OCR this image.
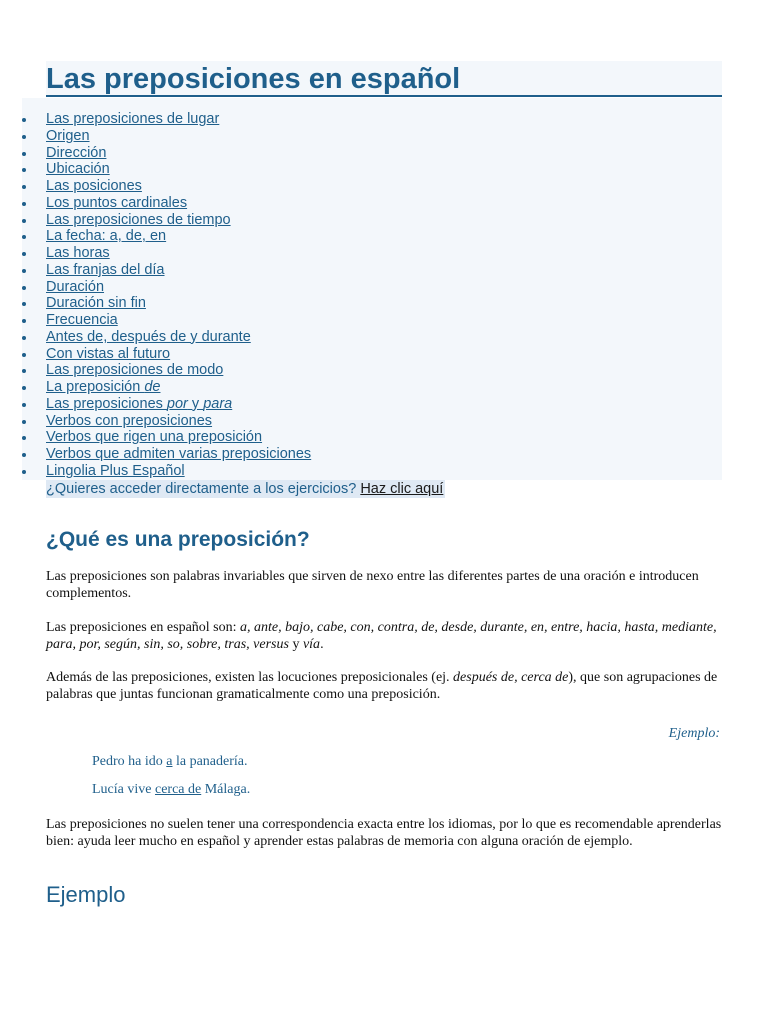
Las preposiciones en español
Las preposiciones de lugar
Origen
Dirección
Ubicación
Las posiciones
Los puntos cardinales
Las preposiciones de tiempo
La fecha: a, de, en
Las horas
Las franjas del día
Duración
Duración sin fin
Frecuencia
Antes de, después de y durante
Con vistas al futuro
Las preposiciones de modo
La preposición de
Las preposiciones por y para
Verbos con preposiciones
Verbos que rigen una preposición
Verbos que admiten varias preposiciones
Lingolia Plus Español
¿Quieres acceder directamente a los ejercicios? Haz clic aquí
¿Qué es una preposición?

Las preposiciones son palabras invariables que sirven de nexo entre las diferentes partes de una oración e introducen complementos.

Las preposiciones en español son: a, ante, bajo, cabe, con, contra, de, desde, durante, en, entre, hacia, hasta, mediante, para, por, según, sin, so, sobre, tras, versus y vía.

Además de las preposiciones, existen las locuciones preposicionales (ej. después de, cerca de), que son agrupaciones de palabras que juntas funcionan gramaticalmente como una preposición.

Ejemplo:
Pedro ha ido a la panadería.
Lucía vive cerca de Málaga.

Las preposiciones no suelen tener una correspondencia exacta entre los idiomas, por lo que es recomendable aprenderlas bien: ayuda leer mucho en español y aprender estas palabras de memoria con alguna oración de ejemplo.

Ejemplo
